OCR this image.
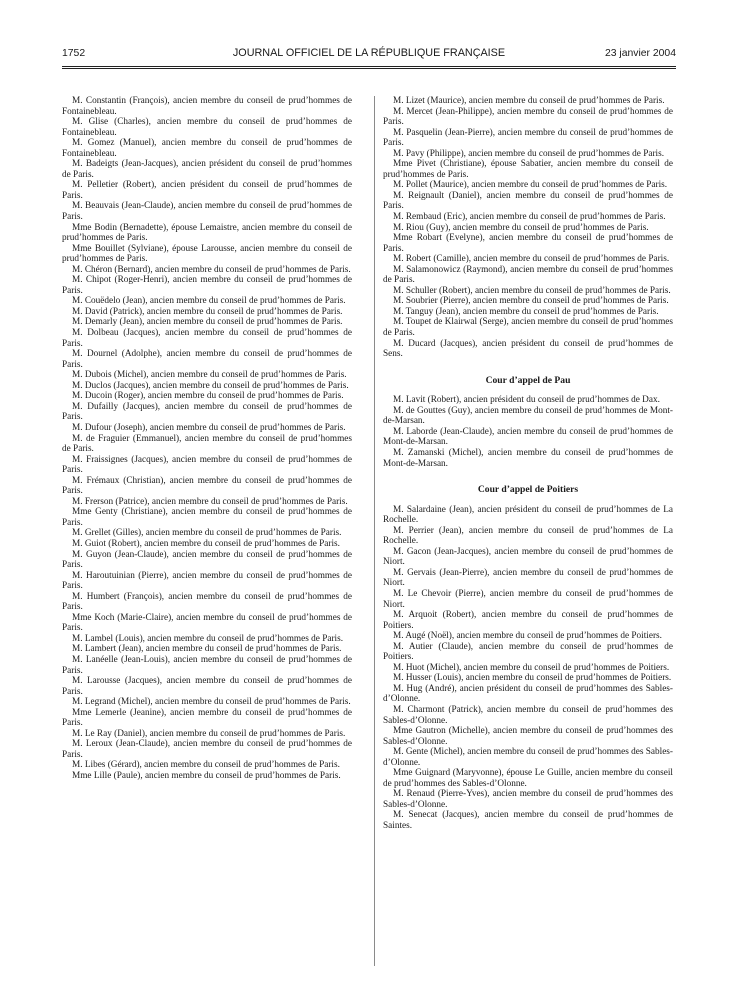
1752	JOURNAL OFFICIEL DE LA RÉPUBLIQUE FRANÇAISE	23 janvier 2004

M. Constantin (François), ancien membre du conseil de prud’hommes de Fontainebleau.

M. Glise (Charles), ancien membre du conseil de prud’hommes de Fontainebleau.

M. Gomez (Manuel), ancien membre du conseil de prud’hommes de Fontainebleau.

M. Badeigts (Jean-Jacques), ancien président du conseil de prud’hommes de Paris.

M. Pelletier (Robert), ancien président du conseil de prud’hommes de Paris.

M. Beauvais (Jean-Claude), ancien membre du conseil de prud’hommes de Paris.

Mme Bodin (Bernadette), épouse Lemaistre, ancien membre du conseil de prud’hommes de Paris.

Mme Bouillet (Sylviane), épouse Larousse, ancien membre du conseil de prud’hommes de Paris.

M. Chéron (Bernard), ancien membre du conseil de prud’hommes de Paris.

M. Chipot (Roger-Henri), ancien membre du conseil de prud’hommes de Paris.

M. Couëdelo (Jean), ancien membre du conseil de prud’hommes de Paris.

M. David (Patrick), ancien membre du conseil de prud’hommes de Paris.

M. Demarly (Jean), ancien membre du conseil de prud’hommes de Paris.

M. Dolbeau (Jacques), ancien membre du conseil de prud’hommes de Paris.

M. Dournel (Adolphe), ancien membre du conseil de prud’hommes de Paris.

M. Dubois (Michel), ancien membre du conseil de prud’hommes de Paris.

M. Duclos (Jacques), ancien membre du conseil de prud’hommes de Paris.

M. Ducoin (Roger), ancien membre du conseil de prud’hommes de Paris.

M. Dufailly (Jacques), ancien membre du conseil de prud’hommes de Paris.

M. Dufour (Joseph), ancien membre du conseil de prud’hommes de Paris.

M. de Fraguier (Emmanuel), ancien membre du conseil de prud’hommes de Paris.

M. Fraissignes (Jacques), ancien membre du conseil de prud’hommes de Paris.

M. Frémaux (Christian), ancien membre du conseil de prud’hommes de Paris.

M. Frerson (Patrice), ancien membre du conseil de prud’hommes de Paris.

Mme Genty (Christiane), ancien membre du conseil de prud’hommes de Paris.

M. Grellet (Gilles), ancien membre du conseil de prud’hommes de Paris.

M. Guiot (Robert), ancien membre du conseil de prud’hommes de Paris.

M. Guyon (Jean-Claude), ancien membre du conseil de prud’hommes de Paris.

M. Haroutuinian (Pierre), ancien membre du conseil de prud’hommes de Paris.

M. Humbert (François), ancien membre du conseil de prud’hommes de Paris.

Mme Koch (Marie-Claire), ancien membre du conseil de prud’hommes de Paris.

M. Lambel (Louis), ancien membre du conseil de prud’hommes de Paris.

M. Lambert (Jean), ancien membre du conseil de prud’hommes de Paris.

M. Lanéelle (Jean-Louis), ancien membre du conseil de prud’hommes de Paris.

M. Larousse (Jacques), ancien membre du conseil de prud’hommes de Paris.

M. Legrand (Michel), ancien membre du conseil de prud’hommes de Paris.

Mme Lemerle (Jeanine), ancien membre du conseil de prud’hommes de Paris.

M. Le Ray (Daniel), ancien membre du conseil de prud’hommes de Paris.

M. Leroux (Jean-Claude), ancien membre du conseil de prud’hommes de Paris.

M. Libes (Gérard), ancien membre du conseil de prud’hommes de Paris.

Mme Lille (Paule), ancien membre du conseil de prud’hommes de Paris.

M. Lizet (Maurice), ancien membre du conseil de prud’hommes de Paris.

M. Mercet (Jean-Philippe), ancien membre du conseil de prud’hommes de Paris.

M. Pasquelin (Jean-Pierre), ancien membre du conseil de prud’hommes de Paris.

M. Pavy (Philippe), ancien membre du conseil de prud’hommes de Paris.

Mme Pivet (Christiane), épouse Sabatier, ancien membre du conseil de prud’hommes de Paris.

M. Pollet (Maurice), ancien membre du conseil de prud’hommes de Paris.

M. Reignault (Daniel), ancien membre du conseil de prud’hommes de Paris.

M. Rembaud (Eric), ancien membre du conseil de prud’hommes de Paris.

M. Riou (Guy), ancien membre du conseil de prud’hommes de Paris.

Mme Robart (Evelyne), ancien membre du conseil de prud’hommes de Paris.

M. Robert (Camille), ancien membre du conseil de prud’hommes de Paris.

M. Salamonowicz (Raymond), ancien membre du conseil de prud’hommes de Paris.

M. Schuller (Robert), ancien membre du conseil de prud’hommes de Paris.

M. Soubrier (Pierre), ancien membre du conseil de prud’hommes de Paris.

M. Tanguy (Jean), ancien membre du conseil de prud’hommes de Paris.

M. Toupet de Klairwal (Serge), ancien membre du conseil de prud’hommes de Paris.

M. Ducard (Jacques), ancien président du conseil de prud’hommes de Sens.

Cour d’appel de Pau

M. Lavit (Robert), ancien président du conseil de prud’hommes de Dax.

M. de Gouttes (Guy), ancien membre du conseil de prud’hommes de Mont-de-Marsan.

M. Laborde (Jean-Claude), ancien membre du conseil de prud’hommes de Mont-de-Marsan.

M. Zamanski (Michel), ancien membre du conseil de prud’hommes de Mont-de-Marsan.

Cour d’appel de Poitiers

M. Salardaine (Jean), ancien président du conseil de prud’hommes de La Rochelle.

M. Perrier (Jean), ancien membre du conseil de prud’hommes de La Rochelle.

M. Gacon (Jean-Jacques), ancien membre du conseil de prud’hommes de Niort.

M. Gervais (Jean-Pierre), ancien membre du conseil de prud’hommes de Niort.

M. Le Chevoir (Pierre), ancien membre du conseil de prud’hommes de Niort.

M. Arquoit (Robert), ancien membre du conseil de prud’hommes de Poitiers.

M. Augé (Noël), ancien membre du conseil de prud’hommes de Poitiers.

M. Autier (Claude), ancien membre du conseil de prud’hommes de Poitiers.

M. Huot (Michel), ancien membre du conseil de prud’hommes de Poitiers.

M. Husser (Louis), ancien membre du conseil de prud’hommes de Poitiers.

M. Hug (André), ancien président du conseil de prud’hommes des Sables-d’Olonne.

M. Charmont (Patrick), ancien membre du conseil de prud’hommes des Sables-d’Olonne.

Mme Gautron (Michelle), ancien membre du conseil de prud’hommes des Sables-d’Olonne.

M. Gente (Michel), ancien membre du conseil de prud’hommes des Sables-d’Olonne.

Mme Guignard (Maryvonne), épouse Le Guille, ancien membre du conseil de prud’hommes des Sables-d’Olonne.

M. Renaud (Pierre-Yves), ancien membre du conseil de prud’hommes des Sables-d’Olonne.

M. Senecat (Jacques), ancien membre du conseil de prud’hommes de Saintes.
